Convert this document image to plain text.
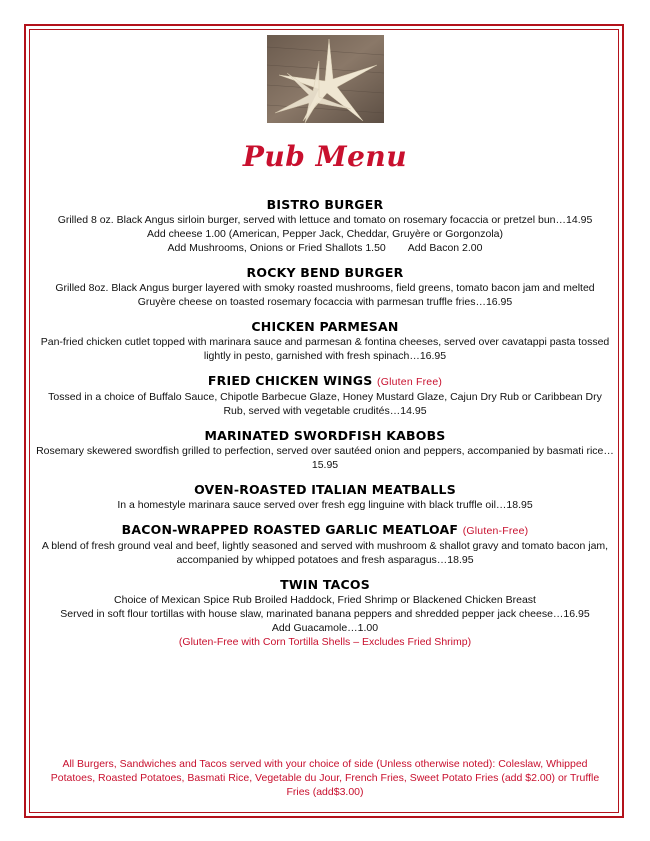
Pub Menu
BISTRO BURGER

Grilled 8 oz. Black Angus sirloin burger, served with lettuce and tomato on rosemary focaccia or pretzel bun…14.95

Add cheese 1.00 (American, Pepper Jack, Cheddar, Gruyère or Gorgonzola)

Add Mushrooms, Onions or Fried Shallots 1.50 Add Bacon 2.00

ROCKY BEND BURGER

Grilled 8oz. Black Angus burger layered with smoky roasted mushrooms, field greens, tomato bacon jam and melted Gruyère cheese on toasted rosemary focaccia with parmesan truffle fries…16.95

CHICKEN PARMESAN

Pan-fried chicken cutlet topped with marinara sauce and parmesan & fontina cheeses, served over cavatappi pasta tossed lightly in pesto, garnished with fresh spinach…16.95

FRIED CHICKEN WINGS (Gluten Free)

Tossed in a choice of Buffalo Sauce, Chipotle Barbecue Glaze, Honey Mustard Glaze, Cajun Dry Rub or Caribbean Dry Rub, served with vegetable crudités…14.95

MARINATED SWORDFISH KABOBS

Rosemary skewered swordfish grilled to perfection, served over sautéed onion and peppers, accompanied by basmati rice…15.95

OVEN-ROASTED ITALIAN MEATBALLS

In a homestyle marinara sauce served over fresh egg linguine with black truffle oil…18.95

BACON-WRAPPED ROASTED GARLIC MEATLOAF (Gluten-Free)

A blend of fresh ground veal and beef, lightly seasoned and served with mushroom & shallot gravy and tomato bacon jam, accompanied by whipped potatoes and fresh asparagus…18.95

TWIN TACOS

Choice of Mexican Spice Rub Broiled Haddock, Fried Shrimp or Blackened Chicken Breast

Served in soft flour tortillas with house slaw, marinated banana peppers and shredded pepper jack cheese…16.95

Add Guacamole…1.00

(Gluten-Free with Corn Tortilla Shells – Excludes Fried Shrimp)

All Burgers, Sandwiches and Tacos served with your choice of side (Unless otherwise noted): Coleslaw, Whipped Potatoes, Roasted Potatoes, Basmati Rice, Vegetable du Jour, French Fries, Sweet Potato Fries (add $2.00) or Truffle Fries (add$3.00)
